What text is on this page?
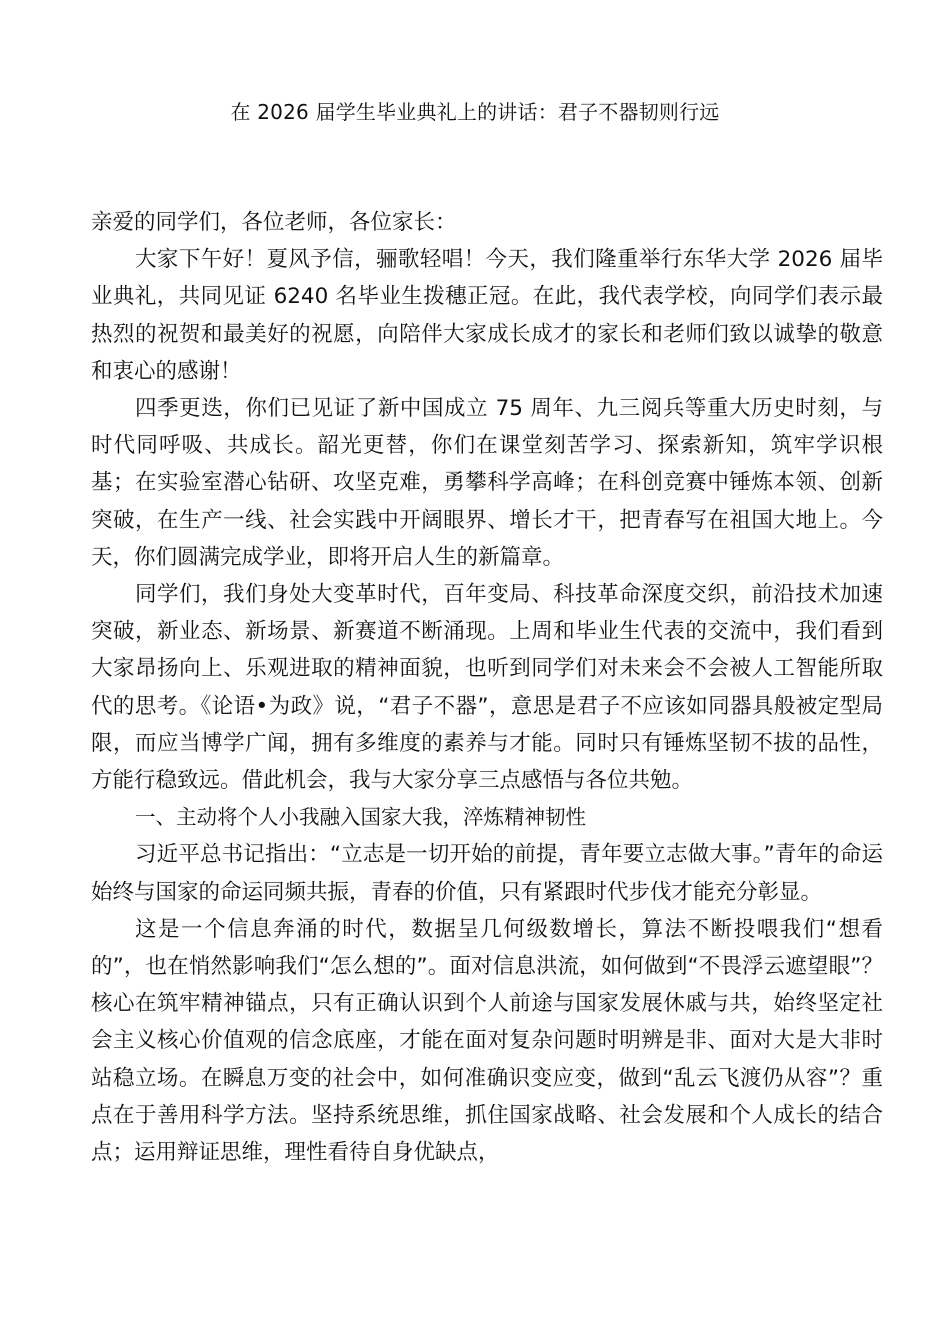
在 2026 届学生毕业典礼上的讲话：君子不器韧则行远

亲爱的同学们，各位老师，各位家长：

大家下午好！夏风予信，骊歌轻唱！今天，我们隆重举行东华大学 2026 届毕业典礼，共同见证 6240 名毕业生拨穗正冠。在此，我代表学校，向同学们表示最热烈的祝贺和最美好的祝愿，向陪伴大家成长成才的家长和老师们致以诚挚的敬意和衷心的感谢！

四季更迭，你们已见证了新中国成立 75 周年、九三阅兵等重大历史时刻，与时代同呼吸、共成长。韶光更替，你们在课堂刻苦学习、探索新知，筑牢学识根基；在实验室潜心钻研、攻坚克难，勇攀科学高峰；在科创竞赛中锤炼本领、创新突破，在生产一线、社会实践中开阔眼界、增长才干，把青春写在祖国大地上。今天，你们圆满完成学业，即将开启人生的新篇章。

同学们，我们身处大变革时代，百年变局、科技革命深度交织，前沿技术加速突破，新业态、新场景、新赛道不断涌现。上周和毕业生代表的交流中，我们看到大家昂扬向上、乐观进取的精神面貌，也听到同学们对未来会不会被人工智能所取代的思考。《论语•为政》说，“君子不器”，意思是君子不应该如同器具般被定型局限，而应当博学广闻，拥有多维度的素养与才能。同时只有锤炼坚韧不拔的品性，方能行稳致远。借此机会，我与大家分享三点感悟与各位共勉。

一、主动将个人小我融入国家大我，淬炼精神韧性

习近平总书记指出：“立志是一切开始的前提，青年要立志做大事。”青年的命运始终与国家的命运同频共振，青春的价值，只有紧跟时代步伐才能充分彰显。

这是一个信息奔涌的时代，数据呈几何级数增长，算法不断投喂我们“想看的”，也在悄然影响我们“怎么想的”。面对信息洪流，如何做到“不畏浮云遮望眼”？核心在筑牢精神锚点，只有正确认识到个人前途与国家发展休戚与共，始终坚定社会主义核心价值观的信念底座，才能在面对复杂问题时明辨是非、面对大是大非时站稳立场。在瞬息万变的社会中，如何准确识变应变，做到“乱云飞渡仍从容”？重点在于善用科学方法。坚持系统思维，抓住国家战略、社会发展和个人成长的结合点；运用辩证思维，理性看待自身优缺点，
